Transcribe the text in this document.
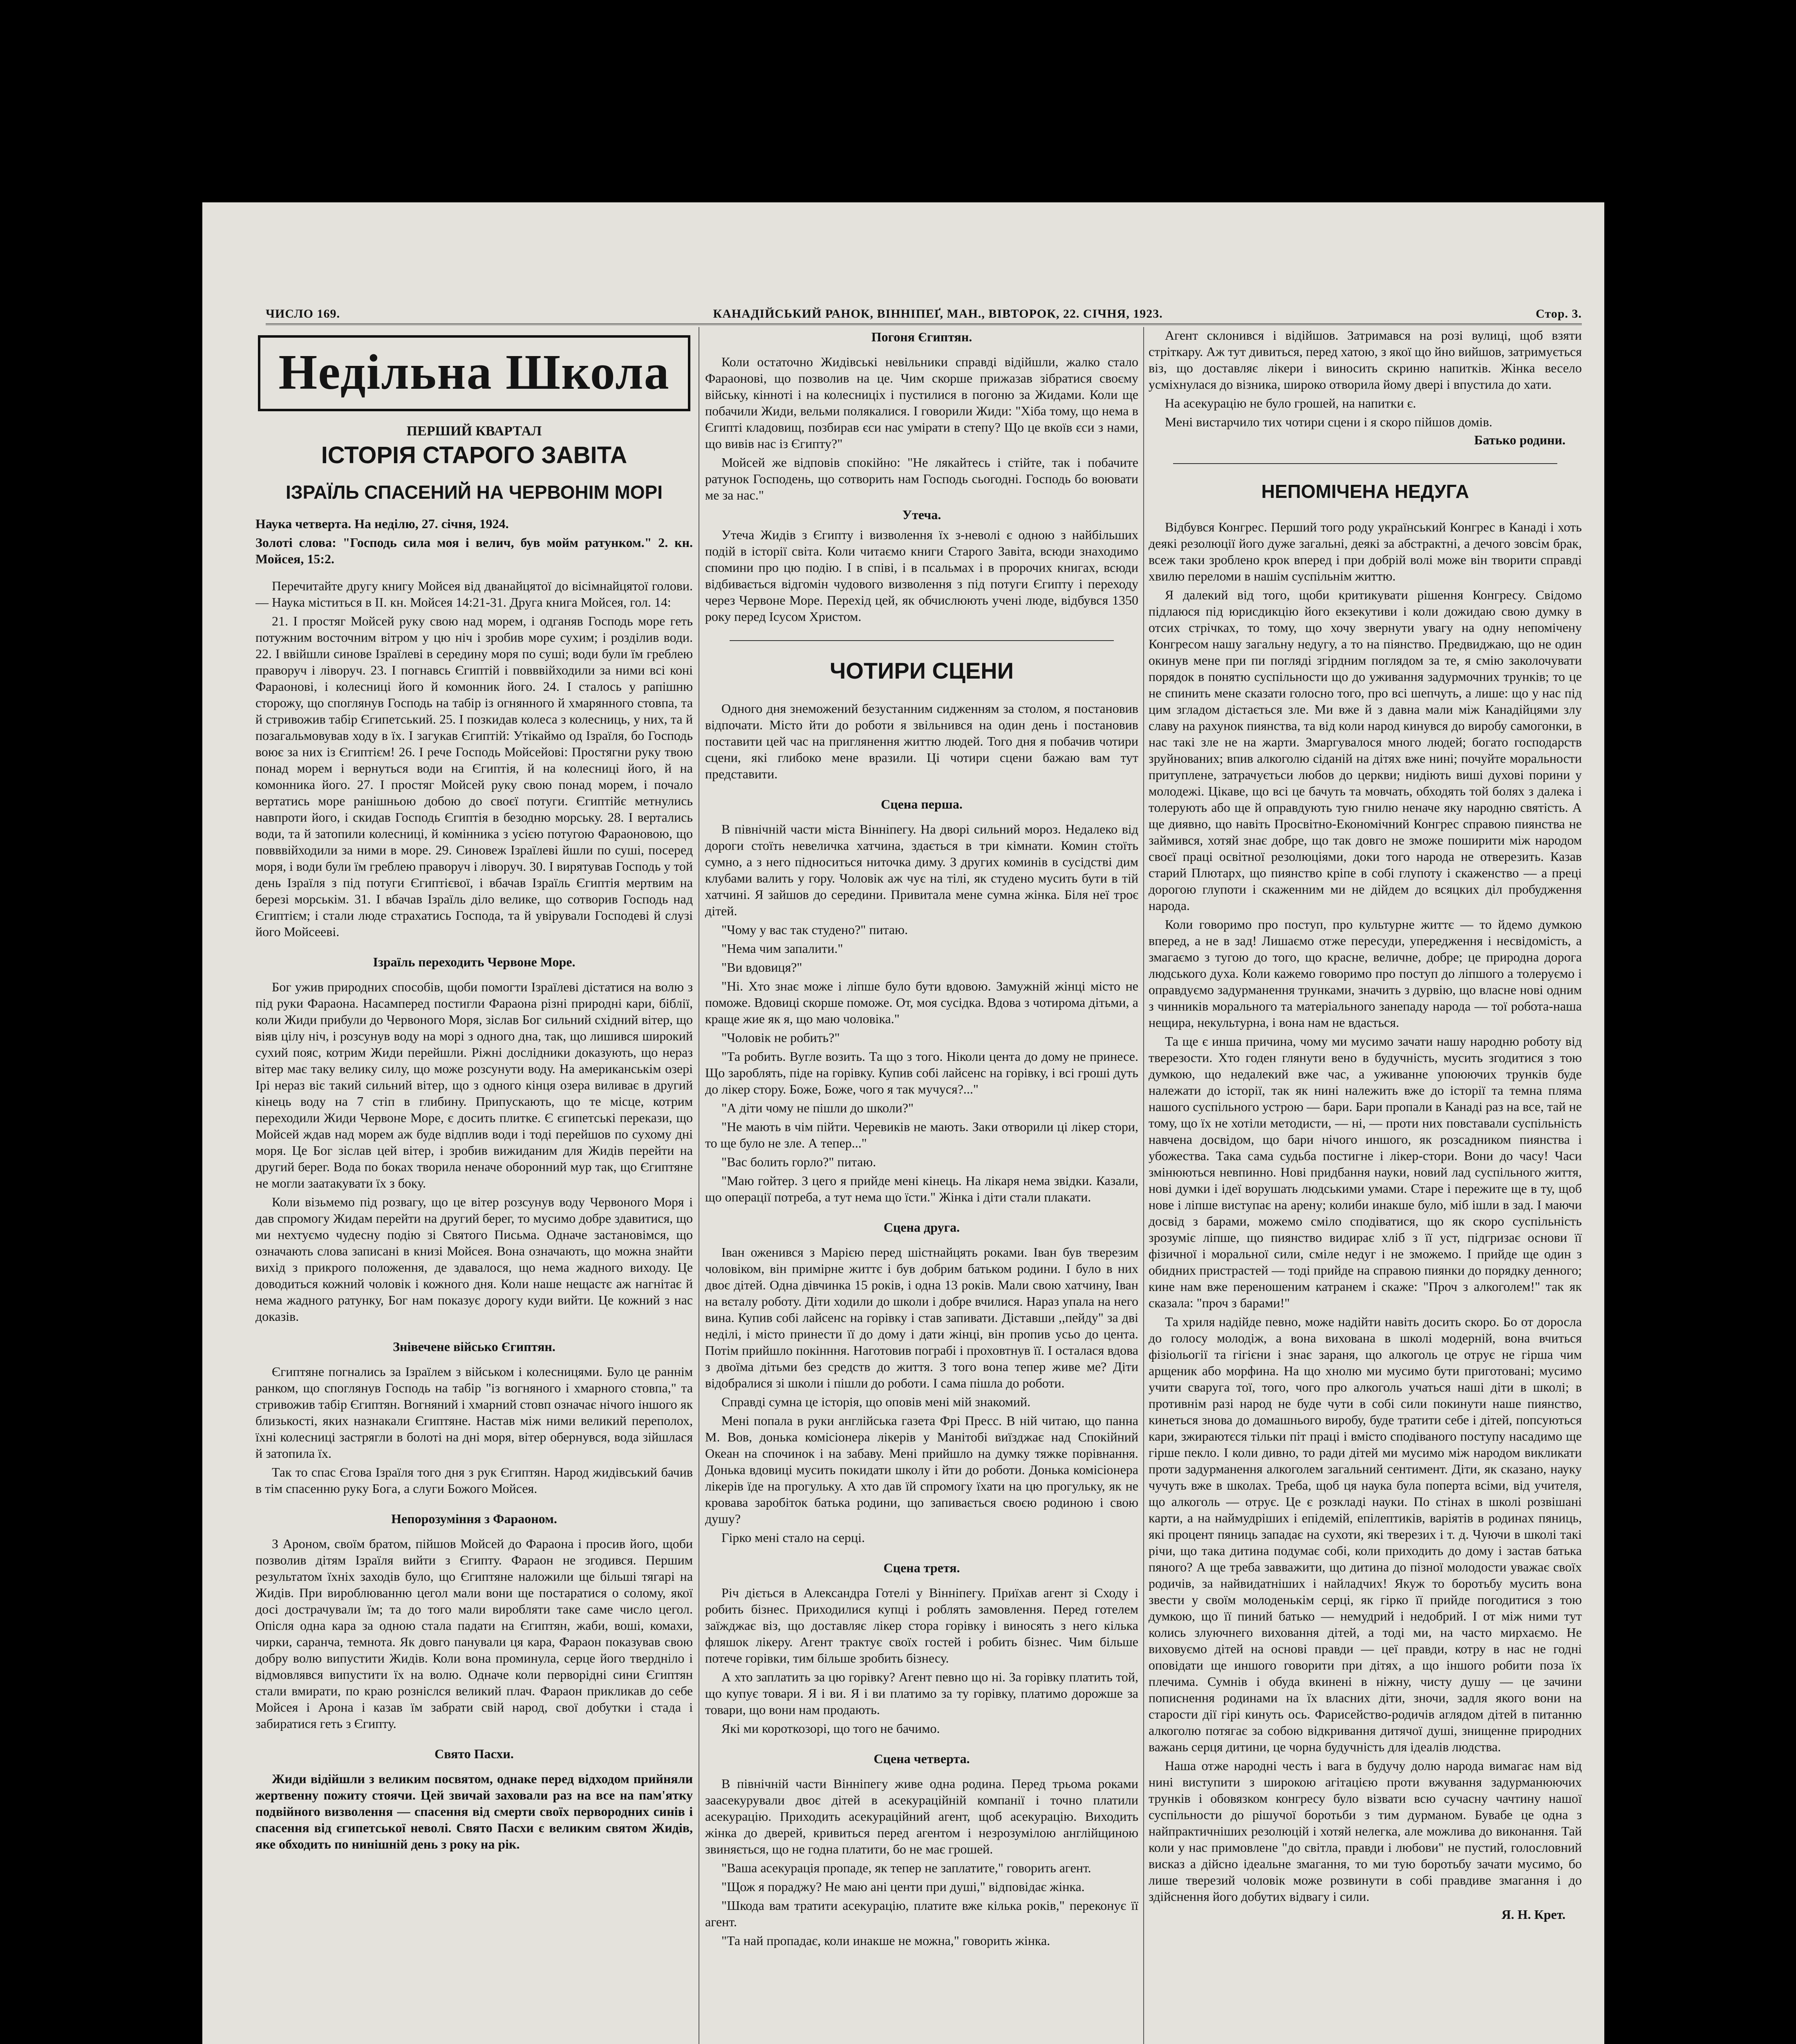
ЧИСЛО 169.	КАНАДІЙСЬКИЙ РАНОК, ВІННІПЕҐ, МАН., ВІВТОРОК, 22. СІЧНЯ, 1923.	Стор. 3.
Недільна Школа
ПЕРШИЙ КВАРТАЛ
ІСТОРІЯ СТАРОГО ЗАВІТА
ІЗРАЇЛЬ СПАСЕНИЙ НА ЧЕРВОНІМ МОРІ

Наука четверта. На неділю, 27. січня, 1924.

Золоті слова: "Господь сила моя і велич, був мойм ратунком." 2. кн. Мойсея, 15:2.

Перечитайте другу книгу Мойсея від дванайцятої до вісімнайцятої голови. — Наука міститься в ІІ. кн. Мойсея 14:21-31. Друга книга Мойсея, гол. 14:

21. І простяг Мойсей руку свою над морем, і одганяв Господь море геть потужним восточним вітром у цю ніч і зробив море сухим; і розділив води. 22. І ввійшли синове Ізраїлеві в середину моря по суші; води були їм греблею праворуч і ліворуч. 23. І погнавсь Єгиптій і повввійходили за ними всі коні Фараонові, і колесниці його й комонник його. 24. І сталось у рапішню сторожу, що споглянув Господь на табір із огнянного й хмарянного стовпа, та й стривожив табір Єгипетський. 25. І позкидав колеса з колесниць, у них, та й позагальмовував ходу в їх. І загукав Єгиптій: Утікаймо од Ізраїля, бо Господь воює за них із Єгиптієм! 26. І рече Господь Мойсейові: Простягни руку твою понад морем і вернуться води на Єгиптія, й на колесниці його, й на комонника його. 27. І простяг Мойсей руку свою понад морем, і почало вертатись море ранішньою добою до своєї потуги. Єгиптійє метнулись навпроти його, і скидав Господь Єгиптія в безодню морську. 28. І вертались води, та й затопили колесниці, й комінника з усією потугою Фараоновою, що повввійходили за ними в море. 29. Синовеж Ізраїлеві йшли по суші, посеред моря, і води були їм греблею праворуч і ліворуч. 30. І вирятував Господь у той день Ізраїля з під потуги Єгиптієвої, і вбачав Ізраїль Єгиптія мертвим на березі морськім. 31. І вбачав Ізраїль діло велике, що сотворив Господь над Єгиптієм; і стали люде страхатись Господа, та й увірували Господеві й слузі його Мойсееві.

Ізраїль переходить Червоне Море.

Бог ужив природних способів, щоби помогти Ізраїлеві дістатися на волю з під руки Фараона. Насамперед постигли Фараона різні природні кари, біблії, коли Жиди прибули до Червоного Моря, зіслав Бог сильний східний вітер, що віяв цілу ніч, і розсунув воду на морі з одного дна, так, що лишився широкий сухий пояс, котрим Жиди перейшли. Ріжні дослідники доказують, що нераз вітер має таку велику силу, що може розсунути воду. На американськім озері Ірі нераз віє такий сильний вітер, що з одного кінця озера виливає в другий кінець воду на 7 стіп в глибину. Припускають, що те місце, котрим переходили Жиди Червоне Море, є досить плитке. Є єгипетські перекази, що Мойсей ждав над морем аж буде відплив води і тоді перейшов по сухому дні моря. Це Бог зіслав цей вітер, і зробив вижиданим для Жидів перейти на другий берег. Вода по боках творила неначе оборонний мур так, що Єгиптяне не могли заатакувати їх з боку.

Коли візьмемо під розвагу, що це вітер розсунув воду Червоного Моря і дав спромогу Жидам перейти на другий берег, то мусимо добре здавитися, що ми нехтуємо чудесну подію зі Святого Письма. Одначе застановімся, що означають слова записані в книзі Мойсея. Вона означають, що можна знайти вихід з прикрого положення, де здавалося, що нема жадного виходу. Це доводиться кожний чоловік і кожного дня. Коли наше нещастє аж нагнітає й нема жадного ратунку, Бог нам показує дорогу куди вийти. Це кожний з нас доказів.

Знівечене військо Єгиптян.

Єгиптяне погнались за Ізраїлем з військом і колесницями. Було це раннім ранком, що споглянув Господь на табір "із вогняного і хмарного стовпа," та стривожив табір Єгиптян. Вогняний і хмарний стовп означає нічого іншого як близькості, яких назнакали Єгиптяне. Настав між ними великий переполох, їхні колесниці застрягли в болоті на дні моря, вітер обернувся, вода зійшлася й затопила їх.

Так то спас Єгова Ізраїля того дня з рук Єгиптян. Народ жидівський бачив в тім спасенню руку Бога, а слуги Божого Мойсея.

Непорозуміння з Фараоном.

З Ароном, своїм братом, пійшов Мойсей до Фараона і просив його, щоби позволив дітям Ізраїля вийти з Єгипту. Фараон не згодився. Першим результатом їхніх заходів було, що Єгиптяне наложили ще більші тягарі на Жидів. При вироблюванню цегол мали вони ще постаратися о солому, якої досі дострачували їм; та до того мали виробляти таке саме число цегол. Опісля одна кара за одною стала падати на Єгиптян, жаби, воші, комахи, чирки, саранча, темнота. Як довго панували ця кара, Фараон показував свою добру волю випустити Жидів. Коли вона проминула, серце його твердніло і відмовлявся випустити їх на волю. Одначе коли перворідні сини Єгиптян стали вмирати, по краю розніслся великий плач. Фараон прикликав до себе Мойсея і Арона і казав їм забрати свій народ, свої добутки і стада і забиратися геть з Єгипту.

Свято Пасхи.

Жиди відійшли з великим посвятом, однаке перед відходом прийняли жертвенну пожиту стоячи. Цей звичай заховали раз на все на пам'ятку подвійного визволення — спасення від смерти своїх первородних синів і спасення від єгипетської неволі. Свято Пасхи є великим святом Жидів, яке обходить по нинішній день з року на рік.

Погоня Єгиптян.

Коли остаточно Жидівські невільники справді відійшли, жалко стало Фараонові, що позволив на це. Чим скорше прижазав зібратися своєму війську, кінноті і на колесниціх і пустилися в погоню за Жидами. Коли ще побачили Жиди, вельми полякалися. І говорили Жиди: "Хіба тому, що нема в Єгипті кладовищ, позбирав єси нас умірати в степу? Що це вкоїв єси з нами, що вивів нас із Єгипту?"

Мойсей же відповів спокійно: "Не лякайтесь і стійте, так і побачите ратунок Господень, що сотворить нам Господь сьогодні. Господь бо воювати ме за нас."

Утеча.

Утеча Жидів з Єгипту і визволення їх з-неволі є одною з найбільших подій в історії світа. Коли читаємо книги Старого Завіта, всюди знаходимо спомини про цю подію. І в співі, і в псальмах і в пророчих книгах, всюди відбивається відгомін чудового визволення з під потуги Єгипту і переходу через Червоне Море. Перехід цей, як обчислюють учені люде, відбувся 1350 року перед Ісусом Христом.

ЧОТИРИ СЦЕНИ

Одного дня знеможений безустанним сидженням за столом, я постановив відпочати. Місто йти до роботи я звільнився на один день і постановив поставити цей час на приглянення життю людей. Того дня я побачив чотири сцени, які глибоко мене вразили. Ці чотири сцени бажаю вам тут представити.

Сцена перша.

В північній части міста Вінніпегу. На дворі сильний мороз. Недалеко від дороги стоїть невеличка хатчина, здається в три кімнати. Комин стоїть сумно, а з него підноситься ниточка диму. З других коминів в сусідстві дим клубами валить у гору. Чоловік аж чує на тілі, як студено мусить бути в тій хатчині. Я зайшов до середини. Привитала мене сумна жінка. Біля неї троє дітей.

"Чому у вас так студено?" питаю.

"Нема чим запалити."

"Ви вдовиця?"

"Ні. Хто знає може і ліпше було бути вдовою. Замужній жінці місто не поможе. Вдовиці скорше поможе. От, моя сусідка. Вдова з чотирома дітьми, а краще жие як я, що маю чоловіка."

"Чоловік не робить?"

"Та робить. Вугле возить. Та що з того. Ніколи цента до дому не принесе. Що зароблять, піде на горівку. Купив собі лайсенс на горівку, і всі гроші дуть до лікер стору. Боже, Боже, чого я так мучуся?..."

"А діти чому не пішли до школи?"

"Не мають в чім пійти. Черевиків не мають. Заки отворили ці лікер стори, то ще було не зле. А тепер..."

"Вас болить горло?" питаю.

"Маю гойтер. З цего я прийде мені кінець. На лікаря нема звідки. Казали, що операції потреба, а тут нема що їсти." Жінка і діти стали плакати.

Сцена друга.

Іван оженився з Марією перед шістнайцять роками. Іван був тверезим чоловіком, він примірне життє і був добрим батьком родини. І було в них двоє дітей. Одна дівчинка 15 років, і одна 13 років. Мали свою хатчину, Іван на вєталу роботу. Діти ходили до школи і добре вчилися. Нараз упала на него вина. Купив собі лайсенс на горівку і став запивати. Діставши ,,пейду" за дві неділі, і місто принести її до дому і дати жінці, він пропив усьо до цента. Потім прийшло покінння. Наготовив пограбі і проховтнув її. І осталася вдова з двоїма дітьми без средств до життя. З того вона тепер живе ме? Діти відобралися зі школи і пішли до роботи. І сама пішла до роботи.

Справді сумна це історія, що оповів мені мій знакомий.

Мені попала в руки англійська газета Фрі Пресс. В ній читаю, що панна М. Вов, донька комісіонера лікерів у Манітобі виїзджає над Спокійний Океан на спочинок і на забаву. Мені прийшло на думку тяжке порівнання. Донька вдовиці мусить покидати школу і йти до роботи. Донька комісіонера лікерів їде на прогульку. А хто дав їй спромогу їхати на цю прогульку, як не кровава заробіток батька родини, що запивається своєю родиною і свою душу?

Гірко мені стало на серці.

Сцена третя.

Річ діється в Александра Готелі у Вінніпегу. Приїхав агент зі Сходу і робить бізнес. Приходилися купці і роблять замовлення. Перед готелем заїжджає віз, що доставляє лікер стора горівку і виносять з него кілька фляшок лікеру. Агент трактує своїх гостей і робить бізнес. Чим більше потече горівки, тим більше зробить бізнесу.

А хто заплатить за цю горівку? Агент певно що ні. За горівку платить той, що купує товари. Я і ви. Я і ви платимо за ту горівку, платимо дорожше за товари, що вони нам продають.

Які ми короткозорі, що того не бачимо.

Сцена четверта.

В північній части Вінніпегу живе одна родина. Перед трьома роками заасекурували двоє дітей в асекураційній компанії і точно платили асекурацію. Приходить асекураційний агент, щоб асекурацію. Виходить жінка до дверей, кривиться перед агентом і незрозумілою англійщиною звиняється, що не годна платити, бо не має грошей.

"Ваша асекурація пропаде, як тепер не заплатите," говорить агент.

"Щож я пораджу? Не маю ані центи при душі," відповідає жінка.

"Шкода вам тратити асекурацію, платите вже кілька років," переконує її агент.

"Та най пропадає, коли инакше не можна," говорить жінка.

Агент склонився і відійшов. Затримався на розі вулиці, щоб взяти стріткару. Аж тут дивиться, перед хатою, з якої що йно вийшов, затримується віз, що доставляє лікери і виносить скриню напитків. Жінка весело усміхнулася до візника, широко отворила йому двері і впустила до хати.

На асекурацію не було грошей, на напитки є.

Мені вистарчило тих чотири сцени і я скоро пійшов домів.

Батько родини.
НЕПОМІЧЕНА НЕДУГА

Відбувся Конгрес. Перший того роду український Конгрес в Канаді і хоть деякі резолюції його дуже загальні, деякі за абстрактні, а дечого зовсім брак, всеж таки зроблено крок вперед і при добрій волі може він творити справді хвилю переломи в нашім суспільнім життю.

Я далекий від того, щоби критикувати рішення Конгресу. Свідомо підлаюся під юрисдикцію його екзекутиви і коли дожидаю свою думку в отсих стрічках, то тому, що хочу звернути увагу на одну непомічену Конгресом нашу загальну недугу, а то на пiянство. Предвиджаю, що не один окинув мене при пи погляді згірдним поглядом за те, я смію заколочувати порядок в понятю суспільности що до уживання задурмочних трунків; то це не спинить мене сказати голосно того, про всі шепчуть, а лише: що у нас під цим згладом дістається зле. Ми вже й з давна мали між Канадійцями злу славу на рахунок пиянства, та від коли народ кинувся до виробу самогонки, в нас такі зле не на жарти. Змаргувалося много людей; богато господарств зруйнованих; впив алкоголю сіданій на дітях вже нині; почуйте моральности притуплене, затрачуєтьси любов до церкви; нидіють виші духові порини у молодежі. Цікаве, що всі це бачуть та мовчать, обходять той болях з далека і толерують або ще й оправдують тую гнилю неначе яку народню святість. А ще диявно, що навіть Просвітно-Економічний Конгрес справою пиянства не займився, хотяй знає добре, що так довго не зможе поширити між народом своєї праці освітної резолюціями, доки того народа не отверезить. Казав старий Плютарх, що пиянство кріпе в собі глупоту і скаженство — а преці дорогою глупоти і скаженним ми не дійдем до всяцких діл пробудження народа.

Коли говоримо про поступ, про культурне життє — то йдемо думкою вперед, а не в зад! Лишаємо отже пересуди, упередження і несвідомість, а змагаємо з тугою до того, що красне, величне, добре; це природна дорога людського духа. Коли кажемо говоримо про поступ до ліпшого а толеруємо і оправдуємо задурманення трунками, значить з дурвію, що власне нові одним з чинників морального та матеріального занепаду народа — тої робота-наша нещира, некультурна, і вона нам не вдасться.

Та ще є инша причина, чому ми мусимо зачати нашу народню роботу від тверезости. Хто годен глянути вено в будучність, мусить згодитися з тою думкою, що недалекий вже час, а уживанне упоюючих трунків буде належати до історії, так як нині належить вже до історії та темна пляма нашого суспільного устрою — бари. Бари пропали в Канаді раз на все, тай не тому, що їх не хотіли методисти, — ні, — проти них повставали суспільність навчена досвідом, що бари нічого иншого, як розсадником пиянства і убожества. Така сама судьба постигне і лікер-стори. Вони до часу! Часи змінюються невпинно. Нові придбання науки, новий лад суспільного життя, нові думки і ідеї ворушать людськими умами. Старе і пережите ще в ту, щоб нове і ліпше виступає на арену; колиби инакше було, міб ішли в зад. І маючи досвід з барами, можемо сміло сподіватися, що як скоро суспільність зрозуміє ліпше, що пиянство видирає хліб з її уст, підгризає основи її фізичної і моральної сили, сміле недуг і не зможемо. І прийде ще один з обидних пристрастей — тоді прийде на справою пиянки до порядку денного; кине нам вже переношеним катранем і скаже: "Проч з алкоголем!" так як сказала: "проч з барами!"

Та хриля надійде певно, може надійти навіть досить скоро. Бо от доросла до голосу молодіж, а вона вихована в школі модерній, вона вчиться фізіольогії та гігієни і знає зараня, що алкоголь це отрує не гірша чим арщеник або морфина. На що хнолю ми мусимо бути приготовані; мусимо учити сваруга тої, того, чого про алкоголь учаться наші діти в школі; в противнім разі народ не буде чути в собі сили покинути наше пиянство, кинеться знова до домашнього виробу, буде тратити себе і дітей, попсуються кари, зжираютєся тільки піт праці і вмісто сподіваного поступу насадимо ще гірше пекло. І коли дивно, то ради дітей ми мусимо між народом викликати проти задурманення алкоголем загальний сентимент. Діти, як сказано, науку чучуть вже в школах. Треба, щоб ця наука була поперта всіми, від учителя, що алкоголь — отрує. Це є розкладі науки. По стінах в школі розвішані карти, а на наймудріших і епідемій, епілептиків, варіятів в родинах пяниць, які процент пяниць западає на сухоти, які тверезих і т. д. Чуючи в школі такі річи, що така дитина подумає собі, коли приходить до дому і застав батька пяного? А ще треба завважити, що дитина до пізної молодости уважає своїх родичів, за найвидатніших і найладчих! Якуж то боротьбу мусить вона звести у своїм молоденькім серці, як гірко її прийде погодитися з тою думкою, що її пиний батько — немудрий і недобрий. І от між ними тут колись злуючнего виховання дітей, а тоді ми, на часто мирхаємо. Не виховуємо дітей на основі правди — цеї правди, котру в нас не годні оповідати ще иншого говорити при дітях, а що іншого робити поза їх плечима. Сумнів і обуда вкинені в ніжну, чисту душу — це зачини пописнення родинами на їх власних діти, зночи, задля якого вони на старости дії гірі кинуть ось. Фарисейство-родичів аглядом дітей в питанню алкоголю потягає за собою відкривання дитячої душі, знищенне природних важань серця дитини, це чорна будучність для ідеалів людства.

Наша отже народні честь і вага в будучу долю народа вимагає нам від нині виступити з широкою агітацією проти вжування задурманюючих трунків і обовязком конгресу було візвати всю сучасну чачтину нашої суспільности до рішучої боротьби з тим дурманом. Бувабе це одна з найпрактичніших резолюцій і хотяй нелегка, але можлива до виконання. Тай коли у нас примовлене "до світла, правди і любови" не пустий, голословний висказ а дійсно ідеальне змагання, то ми тую боротьбу зачати мусимо, бо лише тверезий чоловік може розвинути в собі правдиве змагання і до здійснення його добутих відвагу і сили.

Я. Н. Крет.
